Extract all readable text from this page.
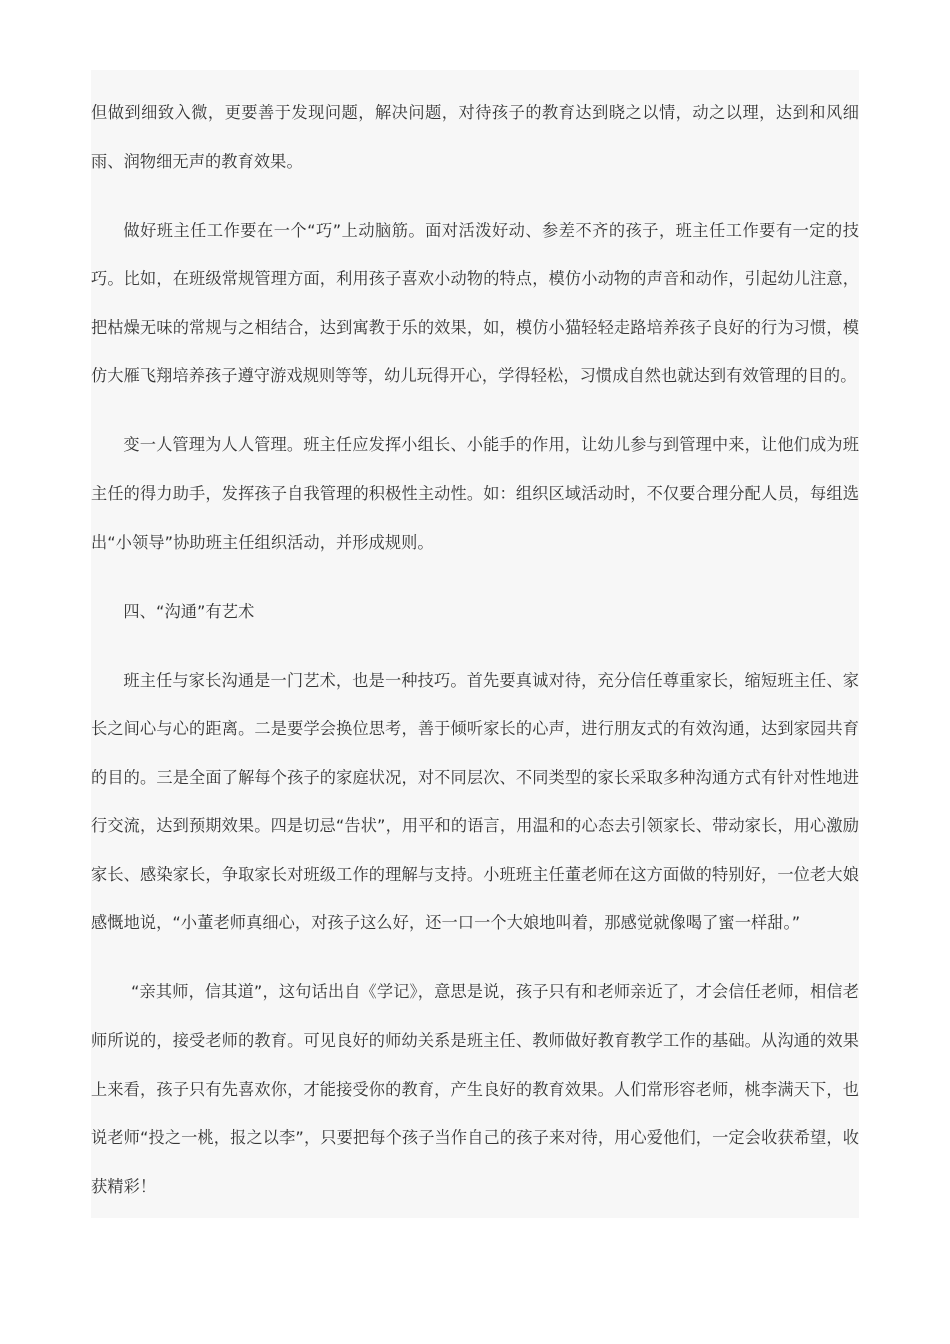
但做到细致入微，更要善于发现问题，解决问题，对待孩子的教育达到晓之以情，动之以理，达到和风细雨、润物细无声的教育效果。

做好班主任工作要在一个“巧”上动脑筋。面对活泼好动、参差不齐的孩子，班主任工作要有一定的技巧。比如，在班级常规管理方面，利用孩子喜欢小动物的特点，模仿小动物的声音和动作，引起幼儿注意，把枯燥无味的常规与之相结合，达到寓教于乐的效果，如，模仿小猫轻轻走路培养孩子良好的行为习惯，模仿大雁飞翔培养孩子遵守游戏规则等等，幼儿玩得开心，学得轻松，习惯成自然也就达到有效管理的目的。

变一人管理为人人管理。班主任应发挥小组长、小能手的作用，让幼儿参与到管理中来，让他们成为班主任的得力助手，发挥孩子自我管理的积极性主动性。如：组织区域活动时，不仅要合理分配人员，每组选出“小领导”协助班主任组织活动，并形成规则。

四、“沟通”有艺术

班主任与家长沟通是一门艺术，也是一种技巧。首先要真诚对待，充分信任尊重家长，缩短班主任、家长之间心与心的距离。二是要学会换位思考，善于倾听家长的心声，进行朋友式的有效沟通，达到家园共育的目的。三是全面了解每个孩子的家庭状况，对不同层次、不同类型的家长采取多种沟通方式有针对性地进行交流，达到预期效果。四是切忌“告状”，用平和的语言，用温和的心态去引领家长、带动家长，用心激励家长、感染家长，争取家长对班级工作的理解与支持。小班班主任董老师在这方面做的特别好，一位老大娘感慨地说，“小董老师真细心，对孩子这么好，还一口一个大娘地叫着，那感觉就像喝了蜜一样甜。”

“亲其师，信其道”，这句话出自《学记》，意思是说，孩子只有和老师亲近了，才会信任老师，相信老师所说的，接受老师的教育。可见良好的师幼关系是班主任、教师做好教育教学工作的基础。从沟通的效果上来看，孩子只有先喜欢你，才能接受你的教育，产生良好的教育效果。人们常形容老师，桃李满天下，也说老师“投之一桃，报之以李”，只要把每个孩子当作自己的孩子来对待，用心爱他们，一定会收获希望，收获精彩！
